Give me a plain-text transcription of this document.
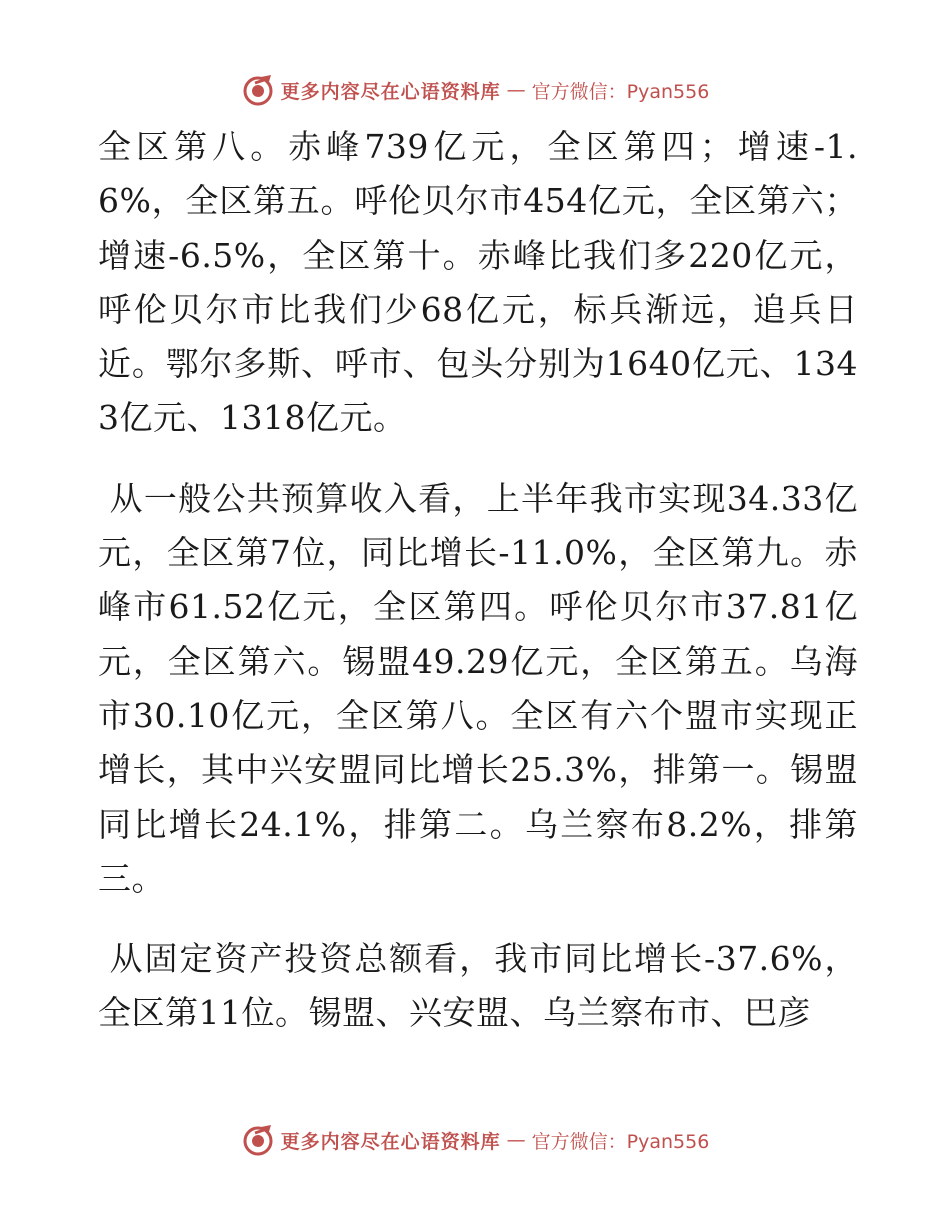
更多内容尽在心语资料库 — 官方微信：Pyan556

全区第八。赤峰739亿元，全区第四；增速-1.6%，全区第五。呼伦贝尔市454亿元，全区第六；增速-6.5%，全区第十。赤峰比我们多220亿元，呼伦贝尔市比我们少68亿元，标兵渐远，追兵日近。鄂尔多斯、呼市、包头分别为1640亿元、1343亿元、1318亿元。

从一般公共预算收入看，上半年我市实现34.33亿元，全区第7位，同比增长-11.0%，全区第九。赤峰市61.52亿元，全区第四。呼伦贝尔市37.81亿元，全区第六。锡盟49.29亿元，全区第五。乌海市30.10亿元，全区第八。全区有六个盟市实现正增长，其中兴安盟同比增长25.3%，排第一。锡盟同比增长24.1%，排第二。乌兰察布8.2%，排第三。

从固定资产投资总额看，我市同比增长-37.6%，全区第11位。锡盟、兴安盟、乌兰察布市、巴彦

更多内容尽在心语资料库 — 官方微信：Pyan556
